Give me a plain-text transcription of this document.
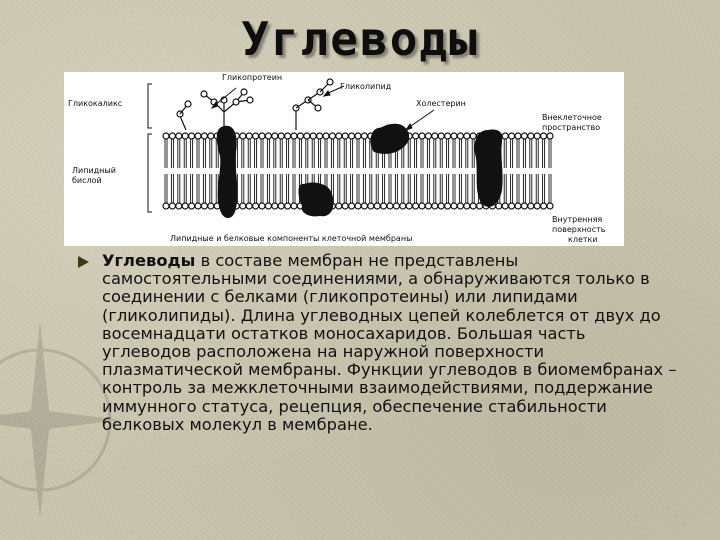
Углеводы
Гликопротеин
Гликолипид
Холестерин
Гликокаликс
Липидный
бислой
Внеклеточное
пространство
Внутренняя
поверхность
клетки
Липидные и белковые компоненты клеточной мембраны

Углеводы в составе мембран не представлены самостоятельными соединениями, а обнаруживаются только в соединении с белками (гликопротеины) или липидами (гликолипиды). Длина углеводных цепей колеблется от двух до восемнадцати остатков моносахаридов. Большая часть углеводов расположена на наружной поверхности плазматической мембраны. Функции углеводов в биомембранах – контроль за межклеточными взаимодействиями, поддержание иммунного статуса, рецепция, обеспечение стабильности белковых молекул в мембране.
